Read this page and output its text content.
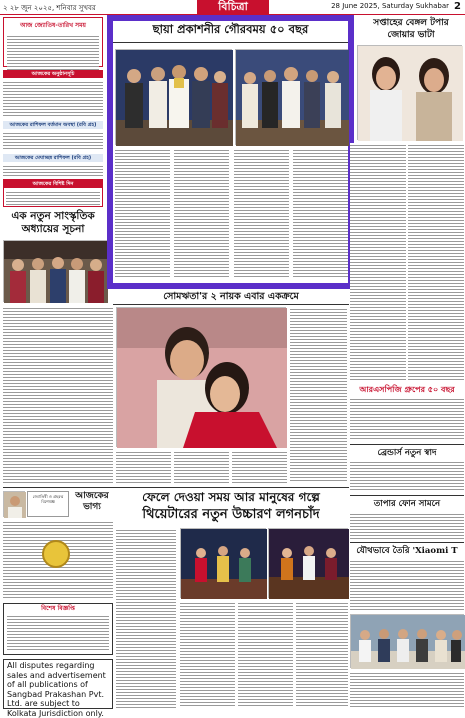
২ ২৮ জুন ২০২৫, শনিবার সুখবর	বিচিত্রা	28 June 2025, Saturday Sukhabar 2
আজ জ্যোতিষ-তারিখ সময়
আজকের অনুষ্ঠানসূচি
আজকের রাশিফল বর্তমান অবস্থা (রবি গ্রহ)
আজকের মেঘাচ্ছন্ন রাশিফল (রবি গ্রহ)
আজকের বিশিষ্ট দিন
এক নতুন সাংস্কৃতিক অধ্যায়ের সূচনা
ছায়া প্রকাশনীর গৌরবময় ৫০ বছর	সপ্তাহের বেঙ্গল টপার জোয়ার ভাটা
আরএসপিজি গ্রুপের ৫০ বছর
ব্রেন্ডার্স নতুন স্বাদ
তাপার ফোন সামনে
যৌথভাবে তৈরি 'Xiaomi T
সোমঋতা'র ২ নায়ক এবার একক্রমে
ফেলে দেওয়া সময় আর মানুষের গল্পে
থিয়েটারের নতুন উচ্চারণ লগনচাঁদ
জ্যোতিষী ও গ্রহরত্ন বিশেষজ্ঞ
আজকের ভাগ্য
বিশেষ বিজ্ঞপ্তি
All disputes regarding sales and advertisement of all publications of Sangbad Prakashan Pvt. Ltd. are subject to Kolkata Jurisdiction only.
